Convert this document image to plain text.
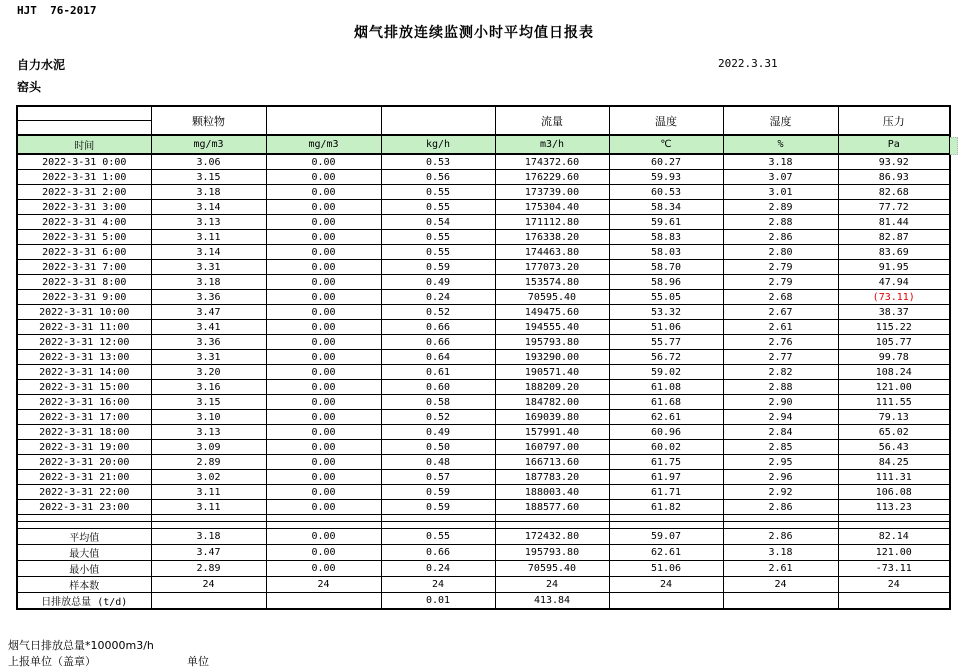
HJT  76-2017
烟气排放连续监测小时平均值日报表
自力水泥
窑头
2022.3.31
	颗粒物			流量	温度	湿度	压力

时间	mg/m3	mg/m3	kg/h	m3/h	℃	%	Pa
2022-3-31 0:00	3.06	0.00	0.53	174372.60	60.27	3.18	93.92
2022-3-31 1:00	3.15	0.00	0.56	176229.60	59.93	3.07	86.93
2022-3-31 2:00	3.18	0.00	0.55	173739.00	60.53	3.01	82.68
2022-3-31 3:00	3.14	0.00	0.55	175304.40	58.34	2.89	77.72
2022-3-31 4:00	3.13	0.00	0.54	171112.80	59.61	2.88	81.44
2022-3-31 5:00	3.11	0.00	0.55	176338.20	58.83	2.86	82.87
2022-3-31 6:00	3.14	0.00	0.55	174463.80	58.03	2.80	83.69
2022-3-31 7:00	3.31	0.00	0.59	177073.20	58.70	2.79	91.95
2022-3-31 8:00	3.18	0.00	0.49	153574.80	58.96	2.79	47.94
2022-3-31 9:00	3.36	0.00	0.24	70595.40	55.05	2.68	(73.11)
2022-3-31 10:00	3.47	0.00	0.52	149475.60	53.32	2.67	38.37
2022-3-31 11:00	3.41	0.00	0.66	194555.40	51.06	2.61	115.22
2022-3-31 12:00	3.36	0.00	0.66	195793.80	55.77	2.76	105.77
2022-3-31 13:00	3.31	0.00	0.64	193290.00	56.72	2.77	99.78
2022-3-31 14:00	3.20	0.00	0.61	190571.40	59.02	2.82	108.24
2022-3-31 15:00	3.16	0.00	0.60	188209.20	61.08	2.88	121.00
2022-3-31 16:00	3.15	0.00	0.58	184782.00	61.68	2.90	111.55
2022-3-31 17:00	3.10	0.00	0.52	169039.80	62.61	2.94	79.13
2022-3-31 18:00	3.13	0.00	0.49	157991.40	60.96	2.84	65.02
2022-3-31 19:00	3.09	0.00	0.50	160797.00	60.02	2.85	56.43
2022-3-31 20:00	2.89	0.00	0.48	166713.60	61.75	2.95	84.25
2022-3-31 21:00	3.02	0.00	0.57	187783.20	61.97	2.96	111.31
2022-3-31 22:00	3.11	0.00	0.59	188003.40	61.71	2.92	106.08
2022-3-31 23:00	3.11	0.00	0.59	188577.60	61.82	2.86	113.23

平均值	3.18	0.00	0.55	172432.80	59.07	2.86	82.14
最大值	3.47	0.00	0.66	195793.80	62.61	3.18	121.00
最小值	2.89	0.00	0.24	70595.40	51.06	2.61	-73.11
样本数	24	24	24	24	24	24	24
日排放总量 (t/d)			0.01	413.84			
烟气日排放总量*10000m3/h
上报单位（盖章）	单位
